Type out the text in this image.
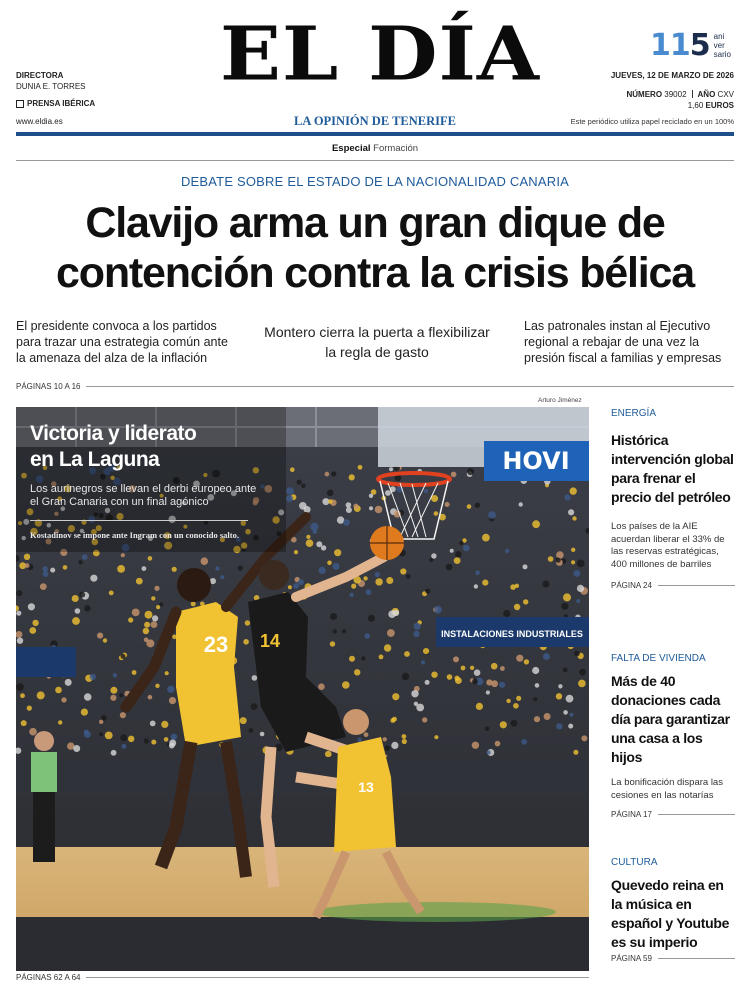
DIRECTORA
DUNIA E. TORRES
PRENSA IBÉRICA
www.eldia.es
EL DÍA
LA OPINIÓN DE TENERIFE
115 ani
ver
sario
JUEVES, 12 DE MARZO DE 2026
NÚMERO 39002 AÑO CXV
1,60 EUROS
Este periódico utiliza papel reciclado en un 100%
Especial Formación
DEBATE SOBRE EL ESTADO DE LA NACIONALIDAD CANARIA
Clavijo arma un gran dique de
contención contra la crisis bélica
El presidente convoca a los partidos para trazar una estrategia común ante la amenaza del alza de la inflación
Montero cierra la puerta a flexibilizar la regla de gasto
Las patronales instan al Ejecutivo regional a rebajar de una vez la presión fiscal a familias y empresas
PÁGINAS 10 A 16
Arturo Jiménez
HOVI
INSTALACIONES INDUSTRIALES
23 14
13
Victoria y liderato
en La Laguna
Los aurinegros se llevan el derbi europeo ante el Gran Canaria con un final agónico
Kostadinov se impone ante Ingram con un conocido salto.
PÁGINAS 62 A 64
ENERGÍA
Histórica intervención global para frenar el precio del petróleo

Los países de la AIE acuerdan liberar el 33% de las reservas estratégicas, 400 millones de barriles

PÁGINA 24
FALTA DE VIVIENDA
Más de 40 donaciones cada día para garantizar una casa a los hijos

La bonificación dispara las cesiones en las notarías

PÁGINA 17
CULTURA
Quevedo reina en la música en español y Youtube es su imperio
PÁGINA 59
